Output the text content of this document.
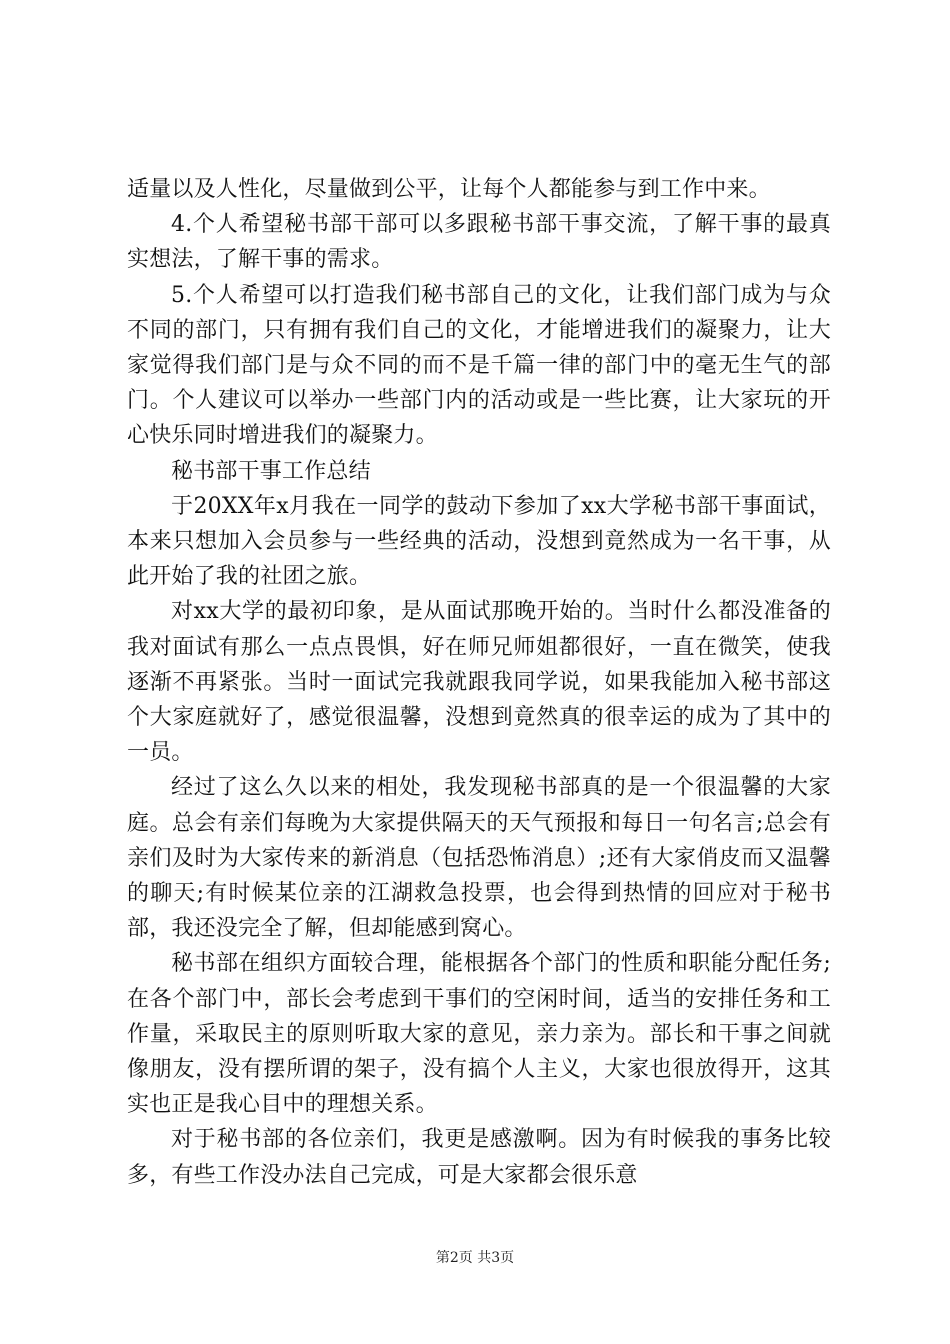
适量以及人性化，尽量做到公平，让每个人都能参与到工作中来。

4.个人希望秘书部干部可以多跟秘书部干事交流，了解干事的最真实想法，了解干事的需求。

5.个人希望可以打造我们秘书部自己的文化，让我们部门成为与众不同的部门，只有拥有我们自己的文化，才能增进我们的凝聚力，让大家觉得我们部门是与众不同的而不是千篇一律的部门中的毫无生气的部门。个人建议可以举办一些部门内的活动或是一些比赛，让大家玩的开心快乐同时增进我们的凝聚力。

秘书部干事工作总结

于20XX年x月我在一同学的鼓动下参加了xx大学秘书部干事面试，本来只想加入会员参与一些经典的活动，没想到竟然成为一名干事，从此开始了我的社团之旅。

对xx大学的最初印象，是从面试那晚开始的。当时什么都没准备的我对面试有那么一点点畏惧，好在师兄师姐都很好，一直在微笑，使我逐渐不再紧张。当时一面试完我就跟我同学说，如果我能加入秘书部这个大家庭就好了，感觉很温馨，没想到竟然真的很幸运的成为了其中的一员。

经过了这么久以来的相处，我发现秘书部真的是一个很温馨的大家庭。总会有亲们每晚为大家提供隔天的天气预报和每日一句名言;总会有亲们及时为大家传来的新消息（包括恐怖消息）;还有大家俏皮而又温馨的聊天;有时候某位亲的江湖救急投票，也会得到热情的回应对于秘书部，我还没完全了解，但却能感到窝心。

秘书部在组织方面较合理，能根据各个部门的性质和职能分配任务;在各个部门中，部长会考虑到干事们的空闲时间，适当的安排任务和工作量，采取民主的原则听取大家的意见，亲力亲为。部长和干事之间就像朋友，没有摆所谓的架子，没有搞个人主义，大家也很放得开，这其实也正是我心目中的理想关系。

对于秘书部的各位亲们，我更是感激啊。因为有时候我的事务比较多，有些工作没办法自己完成，可是大家都会很乐意

第2页 共3页
